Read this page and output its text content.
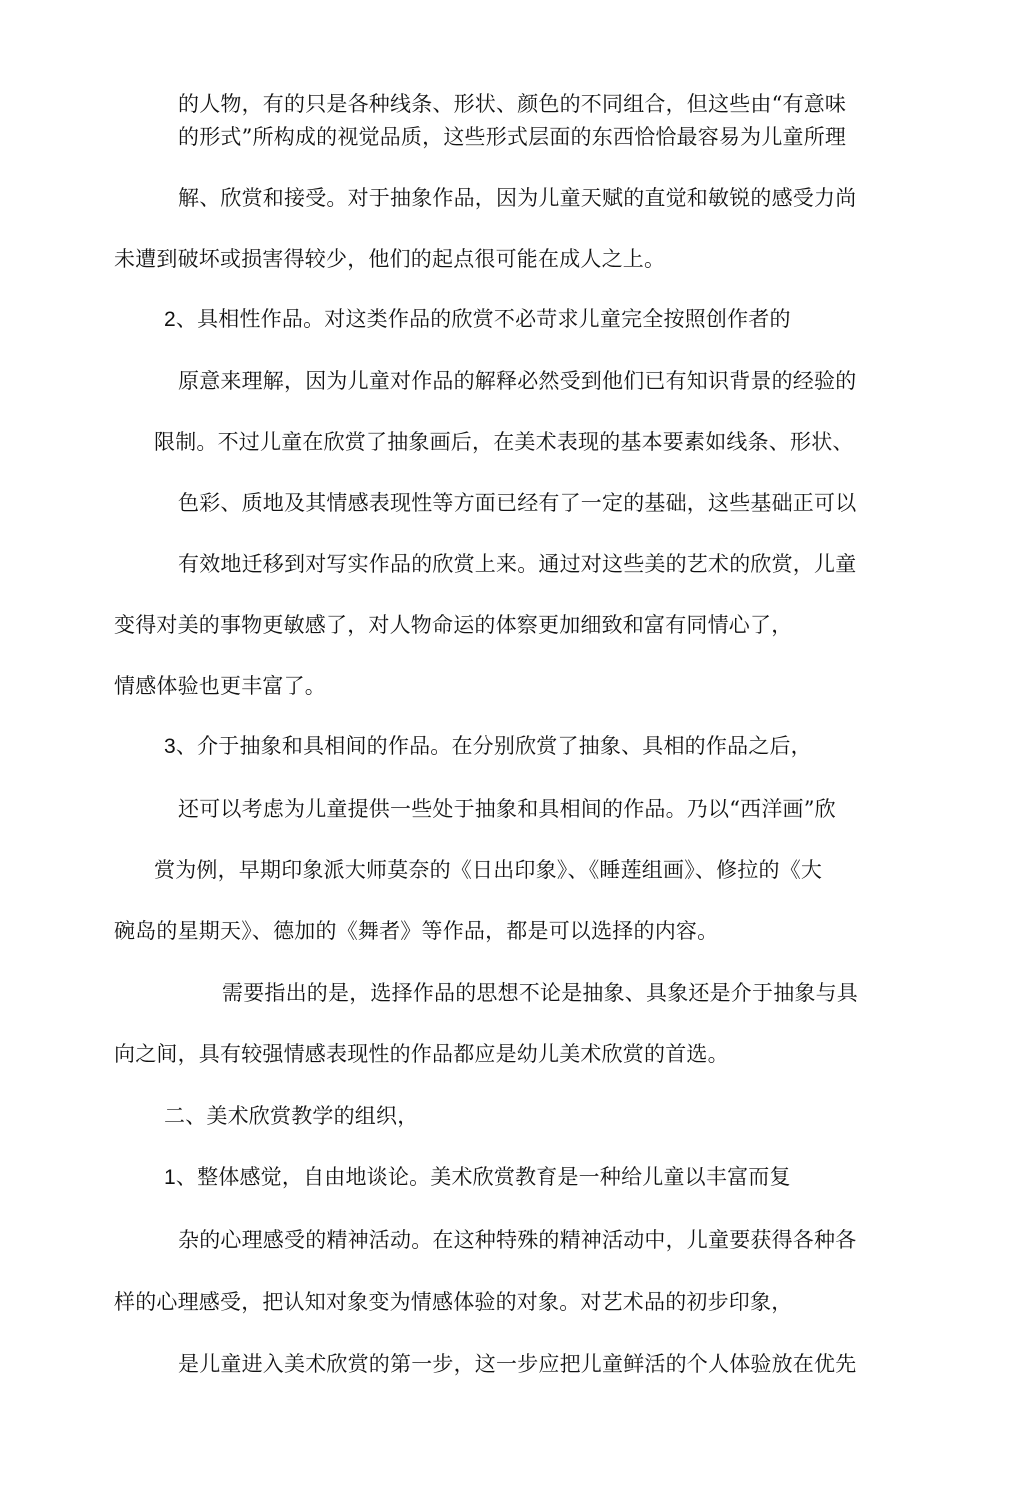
的人物，有的只是各种线条、形状、颜色的不同组合，但这些由“有意味
的形式”所构成的视觉品质，这些形式层面的东西恰恰最容易为儿童所理
解、欣赏和接受。对于抽象作品，因为儿童天赋的直觉和敏锐的感受力尚
未遭到破坏或损害得较少，他们的起点很可能在成人之上。
2、具相性作品。对这类作品的欣赏不必苛求儿童完全按照创作者的
原意来理解，因为儿童对作品的解释必然受到他们已有知识背景的经验的
限制。不过儿童在欣赏了抽象画后，在美术表现的基本要素如线条、形状、
色彩、质地及其情感表现性等方面已经有了一定的基础，这些基础正可以
有效地迁移到对写实作品的欣赏上来。通过对这些美的艺术的欣赏，儿童
变得对美的事物更敏感了，对人物命运的体察更加细致和富有同情心了，
情感体验也更丰富了。
3、介于抽象和具相间的作品。在分别欣赏了抽象、具相的作品之后，
还可以考虑为儿童提供一些处于抽象和具相间的作品。乃以“西洋画”欣
赏为例，早期印象派大师莫奈的《日出印象》、《睡莲组画》、修拉的《大
碗岛的星期天》、德加的《舞者》等作品，都是可以选择的内容。
需要指出的是，选择作品的思想不论是抽象、具象还是介于抽象与具
向之间，具有较强情感表现性的作品都应是幼儿美术欣赏的首选。
二、美术欣赏教学的组织，
1、整体感觉，自由地谈论。美术欣赏教育是一种给儿童以丰富而复
杂的心理感受的精神活动。在这种特殊的精神活动中，儿童要获得各种各
样的心理感受，把认知对象变为情感体验的对象。对艺术品的初步印象，
是儿童进入美术欣赏的第一步，这一步应把儿童鲜活的个人体验放在优先
